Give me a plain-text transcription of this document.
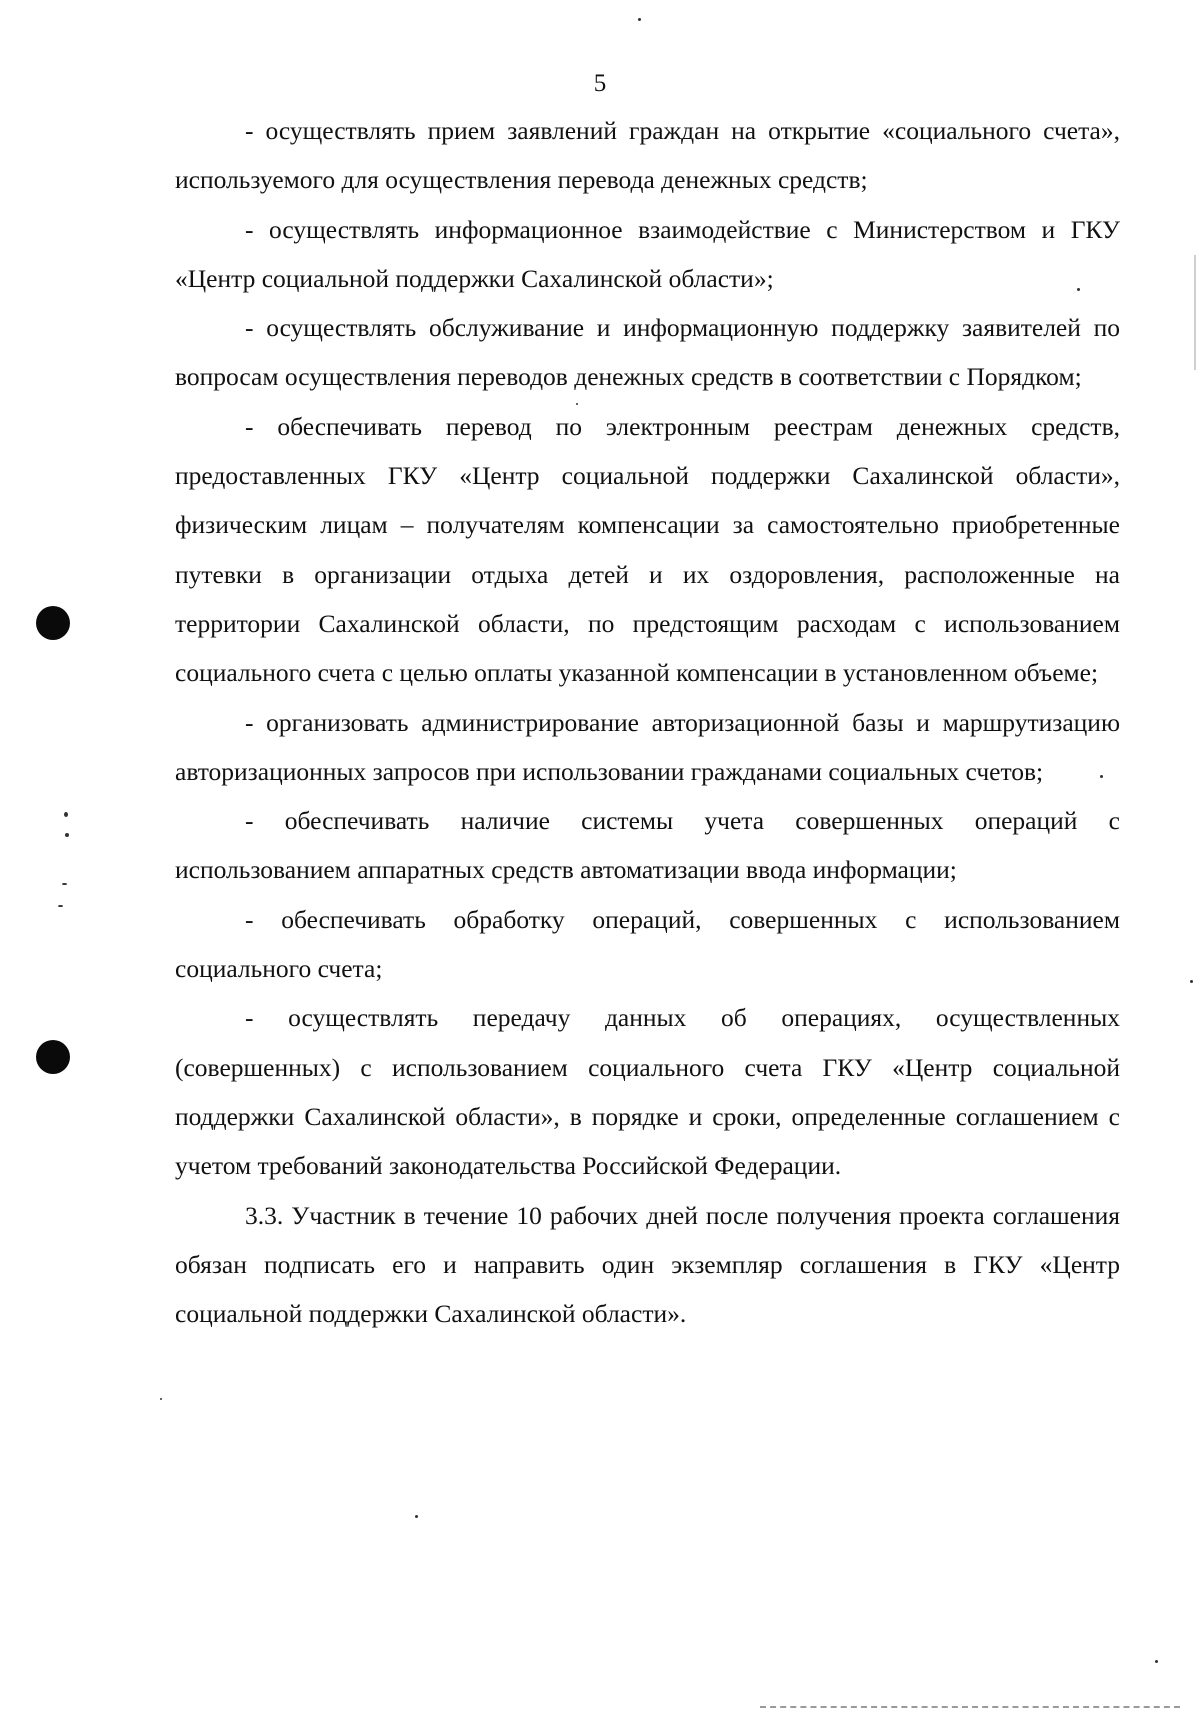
5

- осуществлять прием заявлений граждан на открытие «социального счета», используемого для осуществления перевода денежных средств;

- осуществлять информационное взаимодействие с Министерством и ГКУ «Центр социальной поддержки Сахалинской области»;

- осуществлять обслуживание и информационную поддержку заявителей по вопросам осуществления переводов денежных средств в соответствии с Порядком;

- обеспечивать перевод по электронным реестрам денежных средств, предоставленных ГКУ «Центр социальной поддержки Сахалинской области», физическим лицам – получателям компенсации за самостоятельно приобретенные путевки в организации отдыха детей и их оздоровления, расположенные на территории Сахалинской области, по предстоящим расходам с использованием социального счета с целью оплаты указанной компенсации в установленном объеме;

- организовать администрирование авторизационной базы и маршрутизацию авторизационных запросов при использовании гражданами социальных счетов;

- обеспечивать наличие системы учета совершенных операций с использованием аппаратных средств автоматизации ввода информации;

- обеспечивать обработку операций, совершенных с использованием социального счета;

- осуществлять передачу данных об операциях, осуществленных (совершенных) с использованием социального счета ГКУ «Центр социальной поддержки Сахалинской области», в порядке и сроки, определенные соглашением с учетом требований законодательства Российской Федерации.

3.3. Участник в течение 10 рабочих дней после получения проекта соглашения обязан подписать его и направить один экземпляр соглашения в ГКУ «Центр социальной поддержки Сахалинской области».
